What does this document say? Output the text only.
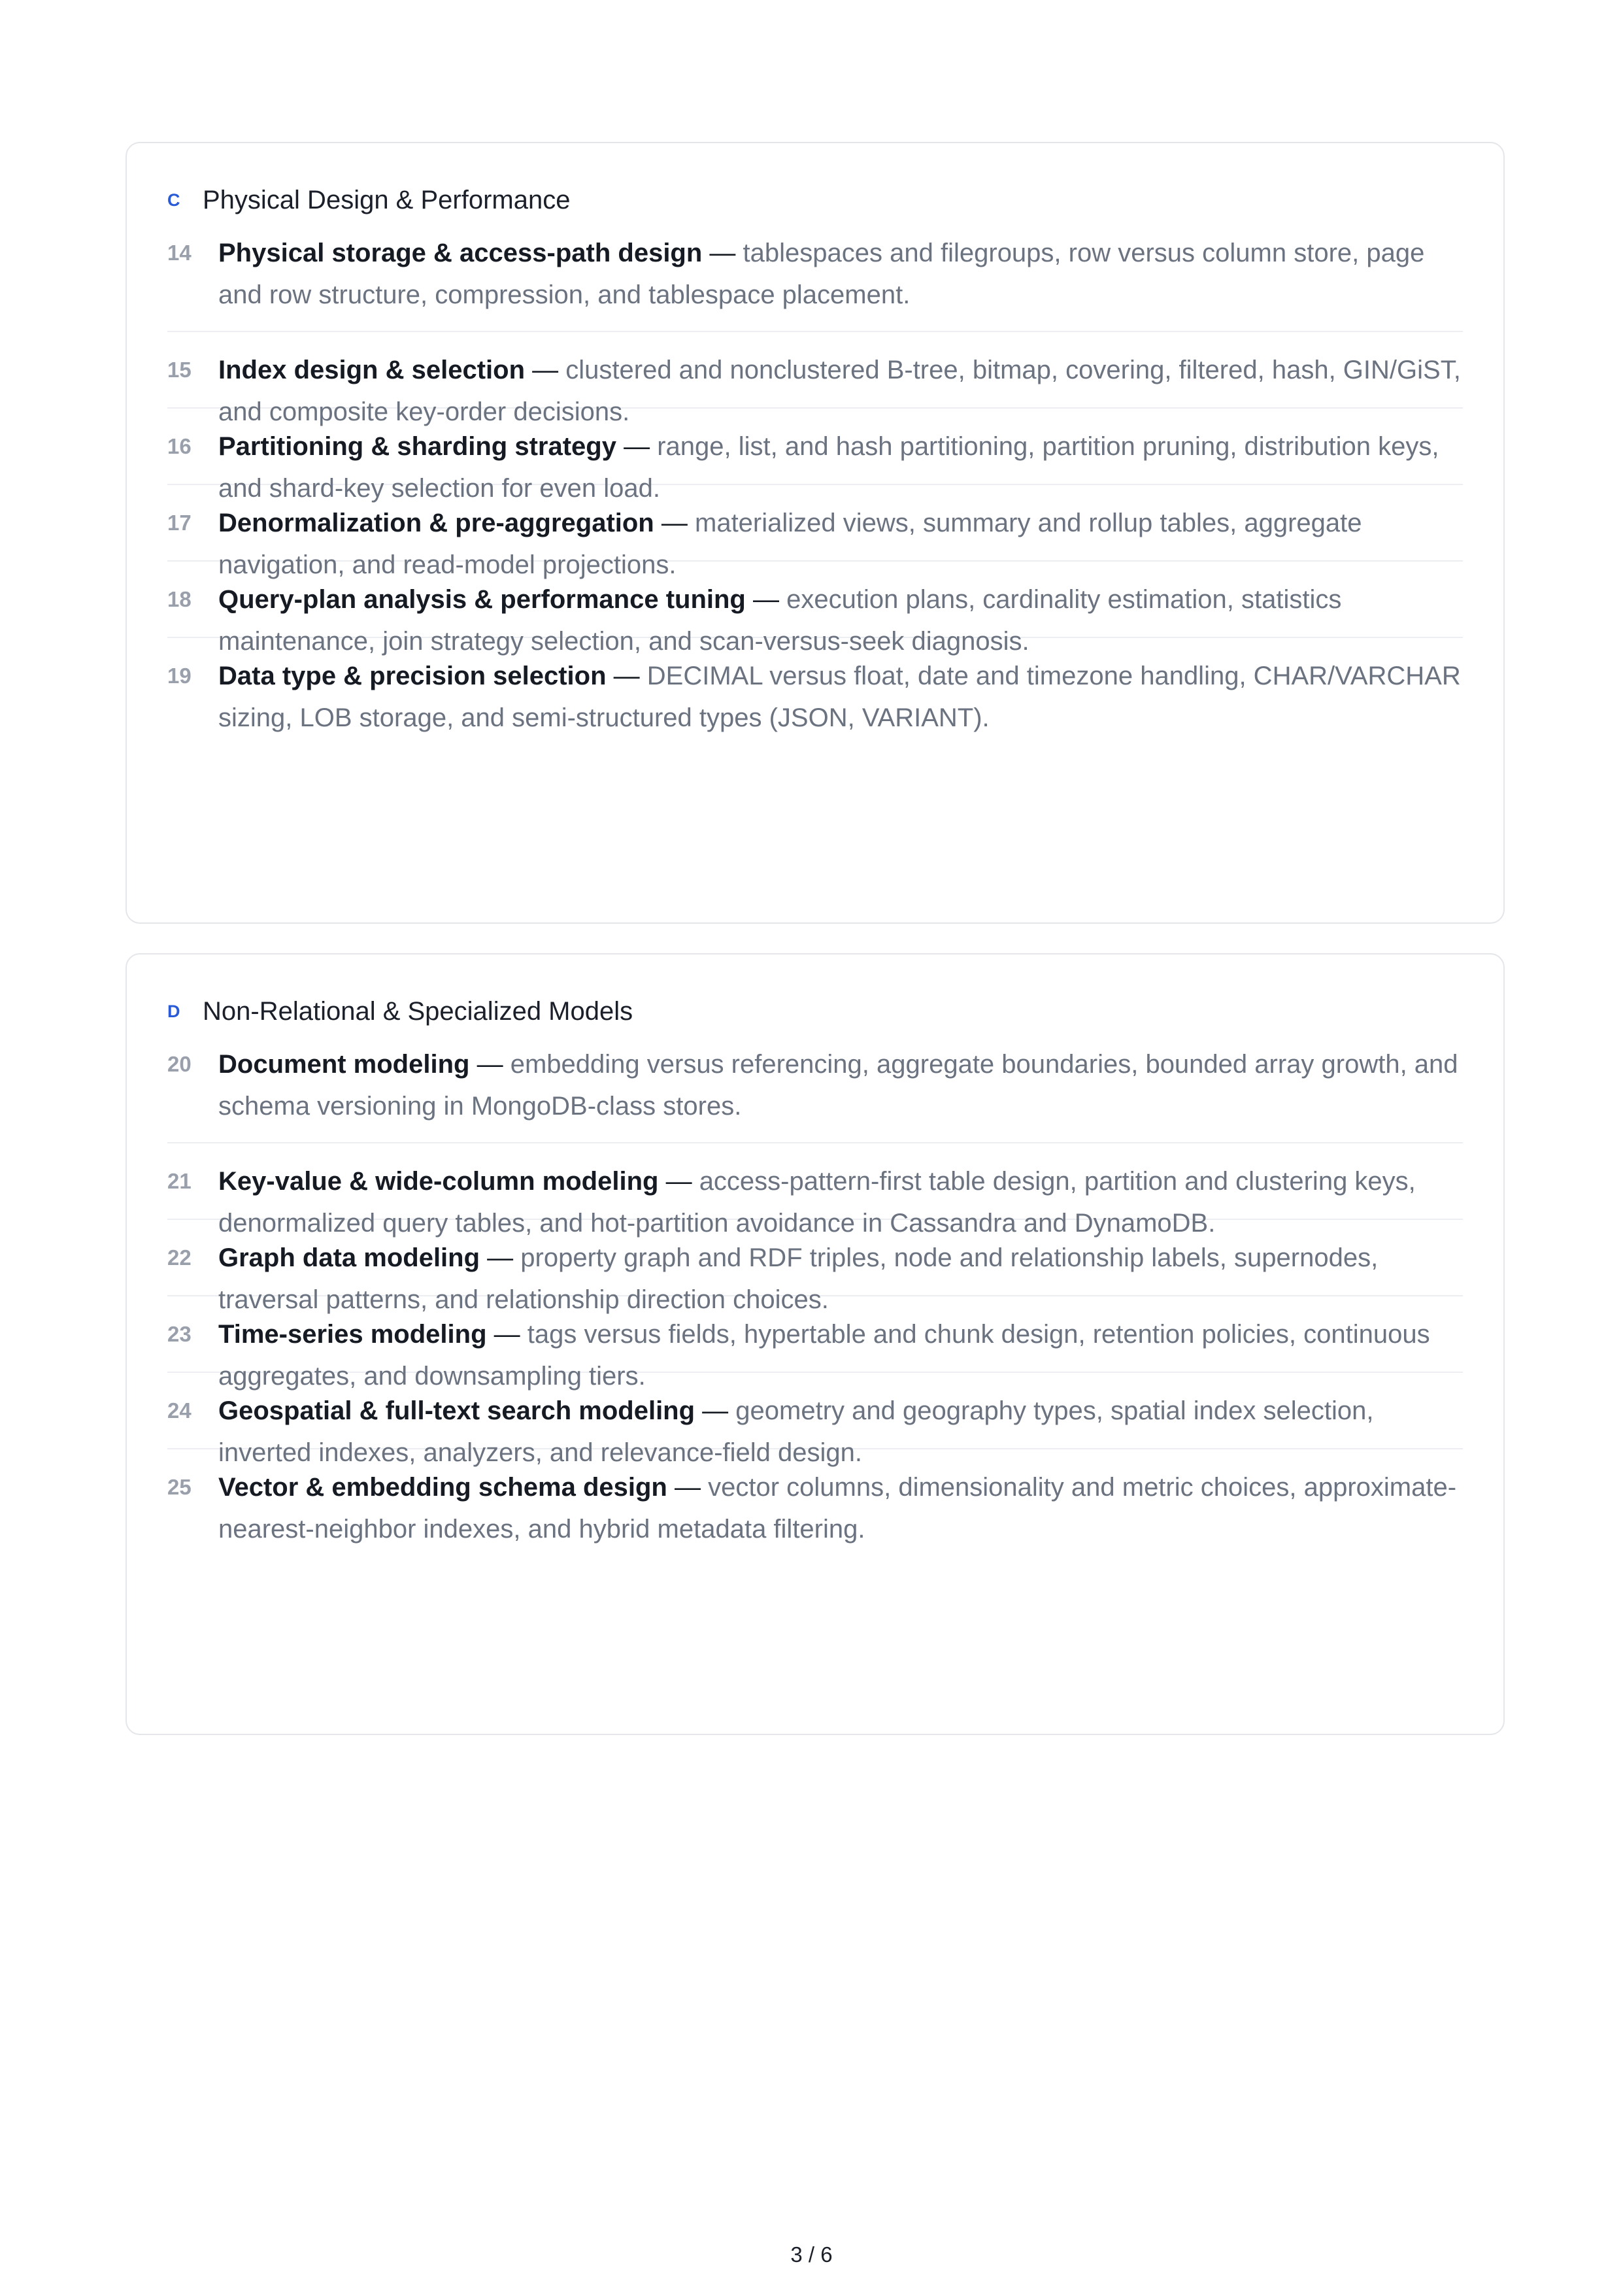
C Physical Design & Performance
14	Physical storage & access-path design — tablespaces and filegroups, row versus column store, page and row structure, compression, and tablespace placement.
15	Index design & selection — clustered and nonclustered B-tree, bitmap, covering, filtered, hash, GIN/GiST, and composite key-order decisions.
16	Partitioning & sharding strategy — range, list, and hash partitioning, partition pruning, distribution keys, and shard-key selection for even load.
17	Denormalization & pre-aggregation — materialized views, summary and rollup tables, aggregate navigation, and read-model projections.
18	Query-plan analysis & performance tuning — execution plans, cardinality estimation, statistics maintenance, join strategy selection, and scan-versus-seek diagnosis.
19	Data type & precision selection — DECIMAL versus float, date and timezone handling, CHAR/VARCHAR sizing, LOB storage, and semi-structured types (JSON, VARIANT).
D Non-Relational & Specialized Models
20	Document modeling — embedding versus referencing, aggregate boundaries, bounded array growth, and schema versioning in MongoDB-class stores.
21	Key-value & wide-column modeling — access-pattern-first table design, partition and clustering keys, denormalized query tables, and hot-partition avoidance in Cassandra and DynamoDB.
22	Graph data modeling — property graph and RDF triples, node and relationship labels, supernodes, traversal patterns, and relationship direction choices.
23	Time-series modeling — tags versus fields, hypertable and chunk design, retention policies, continuous aggregates, and downsampling tiers.
24	Geospatial & full-text search modeling — geometry and geography types, spatial index selection, inverted indexes, analyzers, and relevance-field design.
25	Vector & embedding schema design — vector columns, dimensionality and metric choices, approximate-nearest-neighbor indexes, and hybrid metadata filtering.
3 / 6
